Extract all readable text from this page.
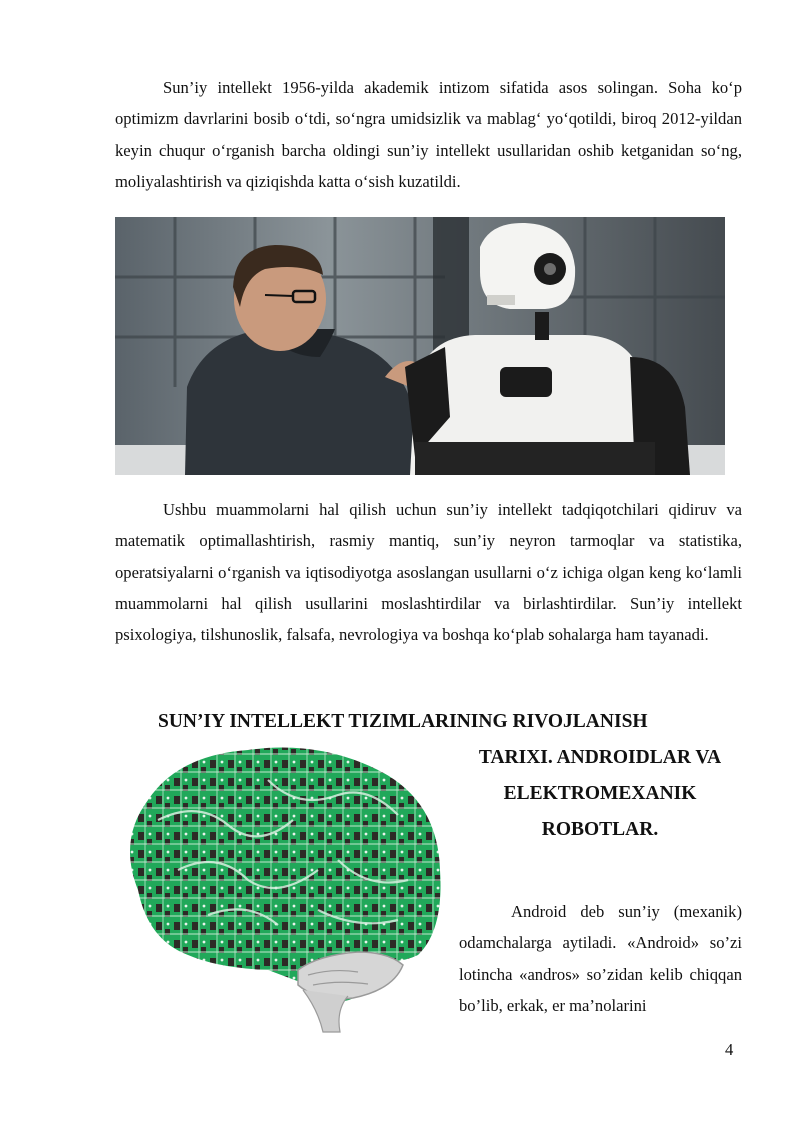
Sun’iy intellekt 1956-yilda akademik intizom sifatida asos solingan. Soha ko‘p optimizm davrlarini bosib o‘tdi, so‘ngra umidsizlik va mablag‘ yo‘qotildi, biroq 2012-yildan keyin chuqur o‘rganish barcha oldingi sun’iy intellekt usullaridan oshib ketganidan so‘ng, moliyalashtirish va qiziqishda katta o‘sish kuzatildi.

Ushbu muammolarni hal qilish uchun sun’iy intellekt tadqiqotchilari qidiruv va matematik optimallashtirish, rasmiy mantiq, sun’iy neyron tarmoqlar va statistika, operatsiyalarni o‘rganish va iqtisodiyotga asoslangan usullarni o‘z ichiga olgan keng ko‘lamli muammolarni hal qilish usullarini moslashtirdilar va birlashtirdilar. Sun’iy intellekt psixologiya, tilshunoslik, falsafa, nevrologiya va boshqa ko‘plab sohalarga ham tayanadi.

SUN’IY INTELLEKT TIZIMLARINING RIVOJLANISH
TARIXI. ANDROIDLAR VA
ELEKTROMEXANIK
ROBOTLAR.

Android deb sun’iy (mexanik) odamchalarga aytiladi. «Android» so’zi lotincha «andros» so’zidan kelib chiqqan bo’lib, erkak, er ma’nolarini

4
